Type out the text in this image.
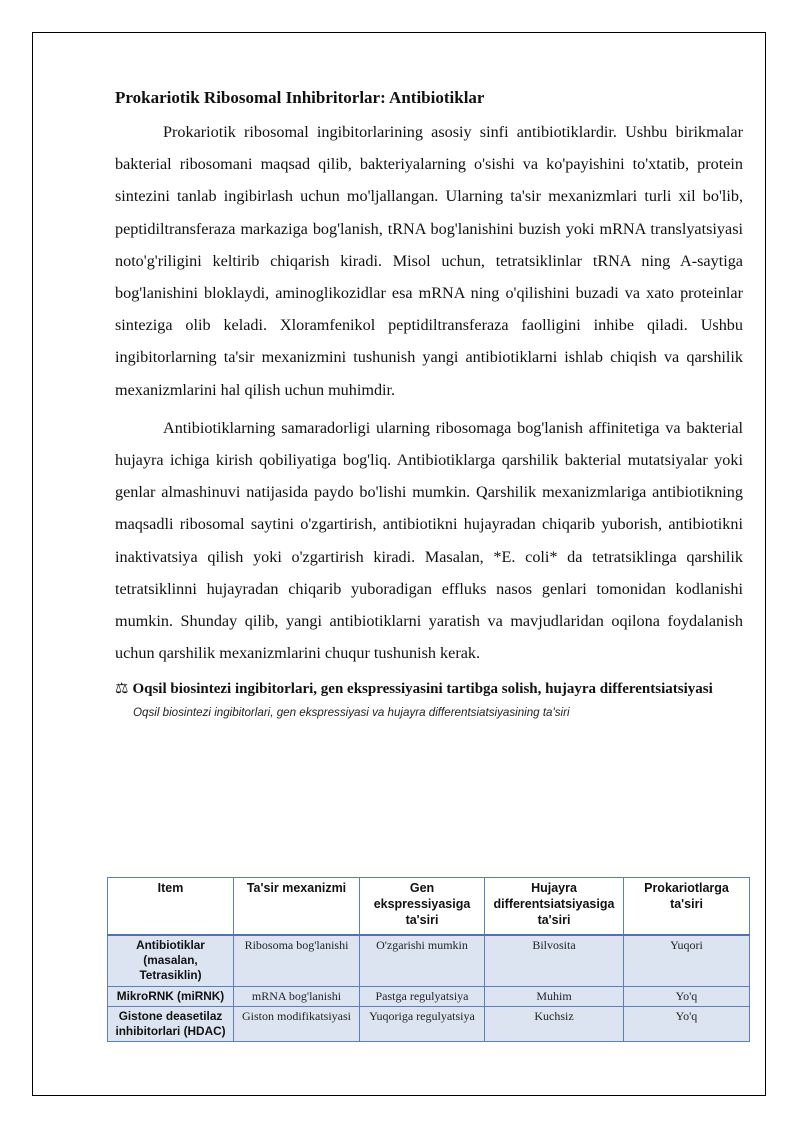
Prokariotik Ribosomal Inhibritorlar: Antibiotiklar

Prokariotik ribosomal ingibitorlarining asosiy sinfi antibiotiklardir. Ushbu birikmalar bakterial ribosomani maqsad qilib, bakteriyalarning o'sishi va ko'payishini to'xtatib, protein sintezini tanlab ingibirlash uchun mo'ljallangan. Ularning ta'sir mexanizmlari turli xil bo'lib, peptidiltransferaza markaziga bog'lanish, tRNA bog'lanishini buzish yoki mRNA translyatsiyasi noto'g'riligini keltirib chiqarish kiradi. Misol uchun, tetratsiklinlar tRNA ning A-saytiga bog'lanishini bloklaydi, aminoglikozidlar esa mRNA ning o'qilishini buzadi va xato proteinlar sinteziga olib keladi. Xloramfenikol peptidiltransferaza faolligini inhibe qiladi. Ushbu ingibitorlarning ta'sir mexanizmini tushunish yangi antibiotiklarni ishlab chiqish va qarshilik mexanizmlarini hal qilish uchun muhimdir.

Antibiotiklarning samaradorligi ularning ribosomaga bog'lanish affinitetiga va bakterial hujayra ichiga kirish qobiliyatiga bog'liq. Antibiotiklarga qarshilik bakterial mutatsiyalar yoki genlar almashinuvi natijasida paydo bo'lishi mumkin. Qarshilik mexanizmlariga antibiotikning maqsadli ribosomal saytini o'zgartirish, antibiotikni hujayradan chiqarib yuborish, antibiotikni inaktivatsiya qilish yoki o'zgartirish kiradi. Masalan, *E. coli* da tetratsiklinga qarshilik tetratsiklinni hujayradan chiqarib yuboradigan effluks nasos genlari tomonidan kodlanishi mumkin. Shunday qilib, yangi antibiotiklarni yaratish va mavjudlaridan oqilona foydalanish uchun qarshilik mexanizmlarini chuqur tushunish kerak.

⚖ Oqsil biosintezi ingibitorlari, gen ekspressiyasini tartibga solish, hujayra differentsiatsiyasi

Oqsil biosintezi ingibitorlari, gen ekspressiyasi va hujayra differentsiatsiyasining ta'siri

Item	Ta'sir mexanizmi	Gen ekspressiyasiga ta'siri	Hujayra differentsiatsiyasiga ta'siri	Prokariotlarga ta'siri
Antibiotiklar (masalan, Tetrasiklin)	Ribosoma bog'lanishi	O'zgarishi mumkin	Bilvosita	Yuqori
MikroRNK (miRNK)	mRNA bog'lanishi	Pastga regulyatsiya	Muhim	Yo'q
Gistone deasetilaz inhibitorlari (HDAC)	Giston modifikatsiyasi	Yuqoriga regulyatsiya	Kuchsiz	Yo'q
